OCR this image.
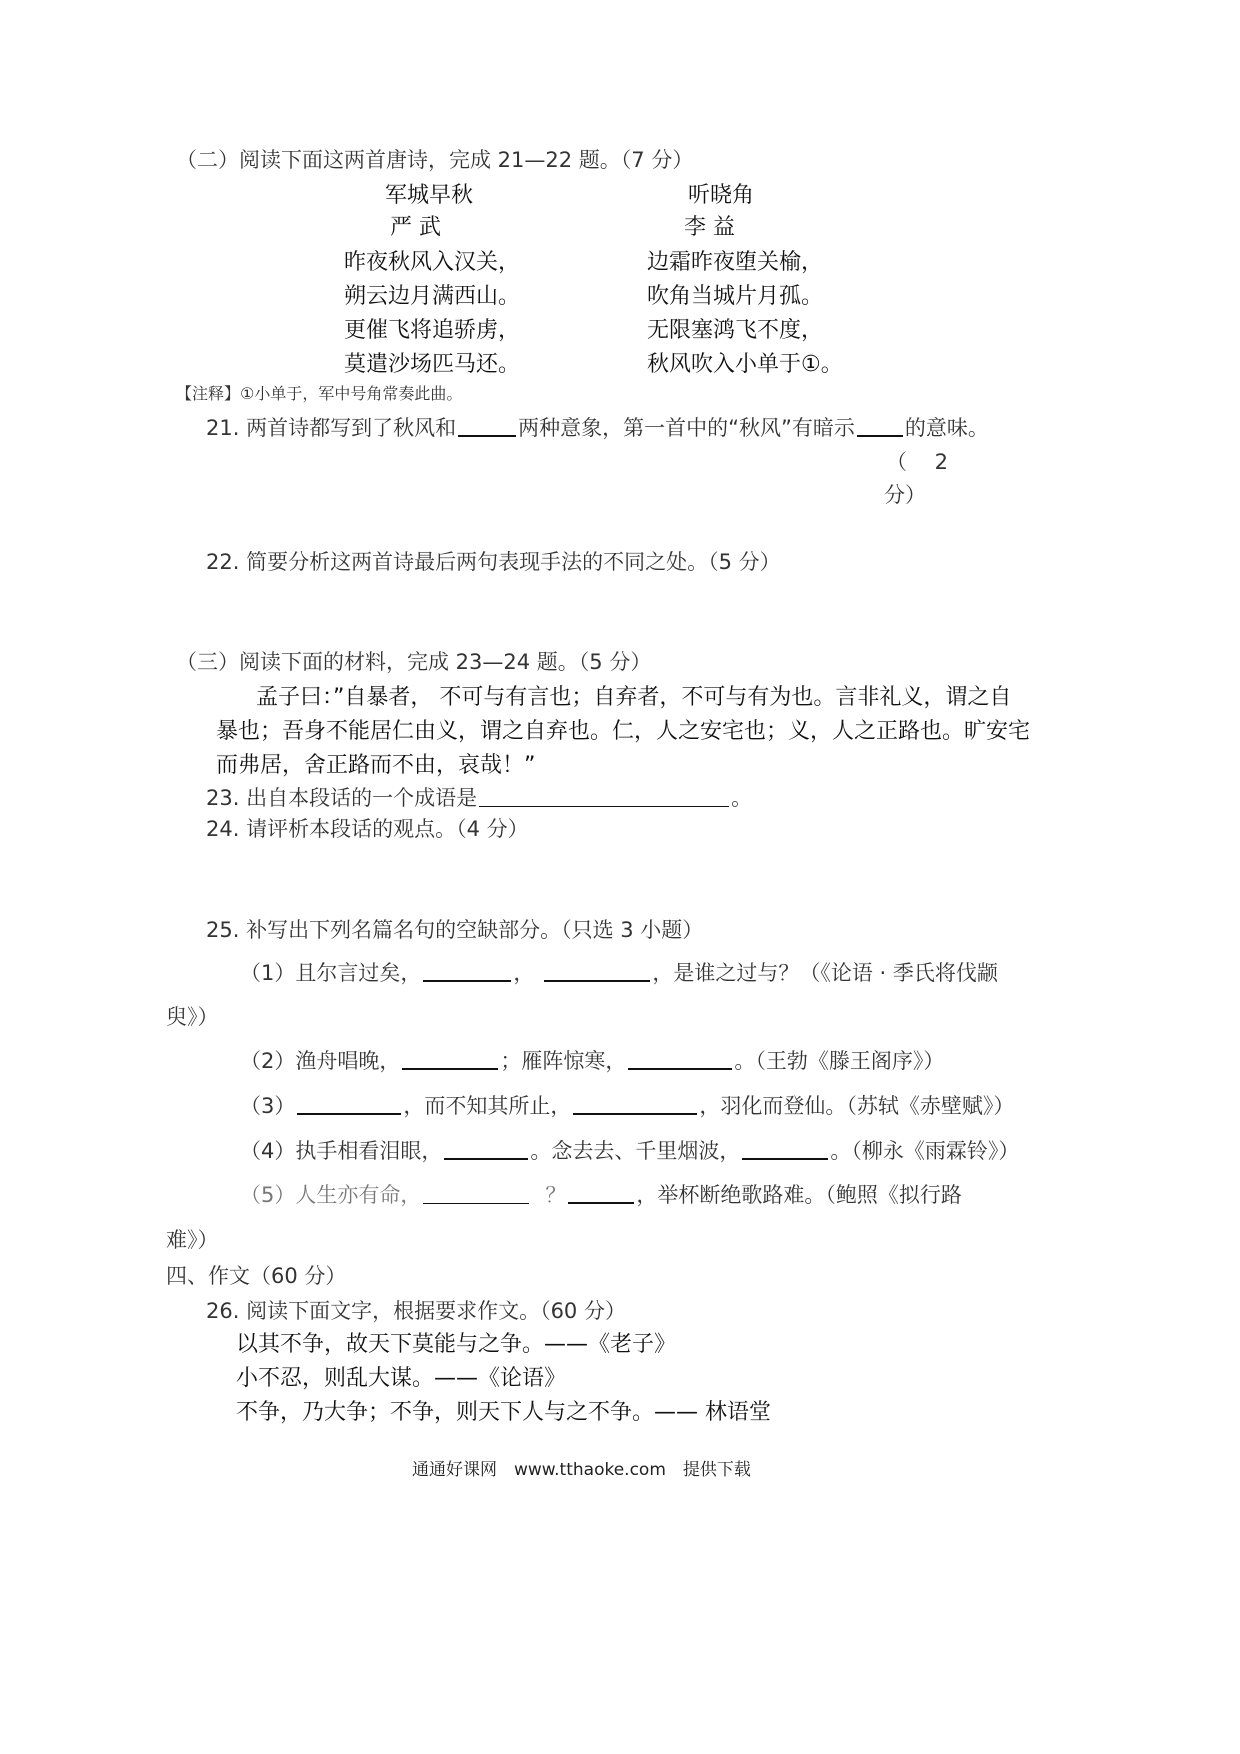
（二）阅读下面这两首唐诗，完成 21—22 题。（7 分）
军城早秋
严 武
昨夜秋风入汉关，
朔云边月满西山。
更催飞将追骄虏，
莫遣沙场匹马还。
听晓角
李 益
边霜昨夜堕关榆，
吹角当城片月孤。
无限塞鸿飞不度，
秋风吹入小单于①。
【注释】①小单于，军中号角常奏此曲。
21. 两首诗都写到了秋风和	两种意象，第一首中的“秋风”有暗示 的意味。
（　 2
分）
22. 简要分析这两首诗最后两句表现手法的不同之处。（5 分）
（三）阅读下面的材料，完成 23—24 题。（5 分）
孟子曰：”自暴者， 不可与有言也；自弃者，不可与有为也。言非礼义，谓之自
暴也；吾身不能居仁由义，谓之自弃也。仁，人之安宅也；义，人之正路也。旷安宅
而弗居，舍正路而不由，哀哉！”
23. 出自本段话的一个成语是	。
24. 请评析本段话的观点。（4 分）
25. 补写出下列名篇名句的空缺部分。（只选 3 小题）
（1）且尔言过矣，	，	，是谁之过与？（《论语 · 季氏将伐颛
臾》）
（2）渔舟唱晚，	；雁阵惊寒，	。（王勃《滕王阁序》）
（3）	，而不知其所止，	，羽化而登仙。（苏轼《赤壁赋》）
（4）执手相看泪眼，	。念去去、千里烟波，	。（柳永《雨霖铃》）
（5）人生亦有命，	？	，举杯断绝歌路难。（鲍照《拟行路
难》）
四、作文（60 分）
26. 阅读下面文字，根据要求作文。（60 分）
以其不争，故天下莫能与之争。——《老子》
小不忍，则乱大谋。——《论语》
不争，乃大争；不争，则天下人与之不争。—— 林语堂
通通好课网　www.tthaoke.com　提供下载
